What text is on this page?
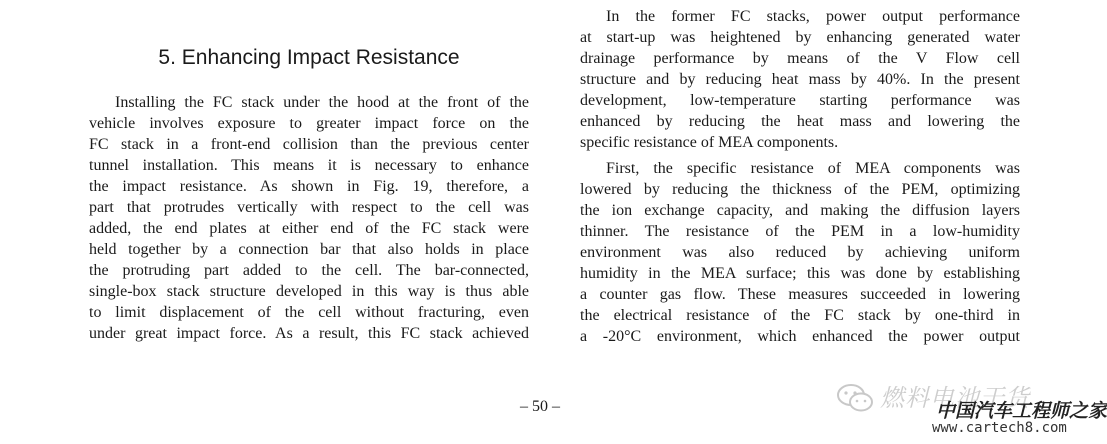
5. Enhancing Impact Resistance
Installing the FC stack under the hood at the front of the
vehicle involves exposure to greater impact force on the
FC stack in a front-end collision than the previous center
tunnel installation. This means it is necessary to enhance
the impact resistance. As shown in Fig. 19, therefore, a
part that protrudes vertically with respect to the cell was
added, the end plates at either end of the FC stack were
held together by a connection bar that also holds in place
the protruding part added to the cell. The bar-connected,
single-box stack structure developed in this way is thus able
to limit displacement of the cell without fracturing, even
under great impact force. As a result, this FC stack achieved
In the former FC stacks, power output performance
at start-up was heightened by enhancing generated water
drainage performance by means of the V Flow cell
structure and by reducing heat mass by 40%. In the present
development, low-temperature starting performance was
enhanced by reducing the heat mass and lowering the
specific resistance of MEA components.
First, the specific resistance of MEA components was
lowered by reducing the thickness of the PEM, optimizing
the ion exchange capacity, and making the diffusion layers
thinner. The resistance of the PEM in a low-humidity
environment was also reduced by achieving uniform
humidity in the MEA surface; this was done by establishing
a counter gas flow. These measures succeeded in lowering
the electrical resistance of the FC stack by one-third in
a -20°C environment, which enhanced the power output
– 50 –	燃料电池干货
中国汽车工程师之家
www.cartech8.com
